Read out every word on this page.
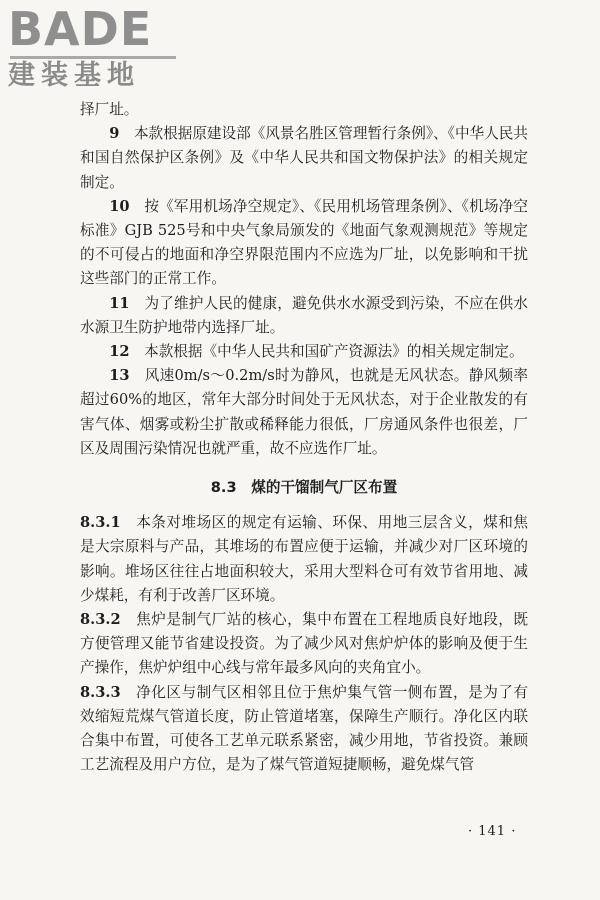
BADE
建装基地

择厂址。

9　 本款根据原建设部《风景名胜区管理暂行条例》、《中华人民共和国自然保护区条例》及《中华人民共和国文物保护法》的相关规定制定。

10　 按《军用机场净空规定》、《民用机场管理条例》、《机场净空标准》GJB 525号和中央气象局颁发的《地面气象观测规范》等规定的不可侵占的地面和净空界限范围内不应选为厂址，以免影响和干扰这些部门的正常工作。

11　 为了维护人民的健康，避免供水水源受到污染，不应在供水水源卫生防护地带内选择厂址。

12　 本款根据《中华人民共和国矿产资源法》的相关规定制定。

13　 风速0m/s～0.2m/s时为静风，也就是无风状态。静风频率超过60%的地区，常年大部分时间处于无风状态，对于企业散发的有害气体、烟雾或粉尘扩散或稀释能力很低，厂房通风条件也很差，厂区及周围污染情况也就严重，故不应选作厂址。

8.3　 煤的干馏制气厂区布置

8.3.1　 本条对堆场区的规定有运输、环保、用地三层含义，煤和焦是大宗原料与产品，其堆场的布置应便于运输，并减少对厂区环境的影响。堆场区往往占地面积较大，采用大型料仓可有效节省用地、减少煤耗，有利于改善厂区环境。

8.3.2　 焦炉是制气厂站的核心，集中布置在工程地质良好地段，既方便管理又能节省建设投资。为了减少风对焦炉炉体的影响及便于生产操作，焦炉炉组中心线与常年最多风向的夹角宜小。

8.3.3　 净化区与制气区相邻且位于焦炉集气管一侧布置，是为了有效缩短荒煤气管道长度，防止管道堵塞，保障生产顺行。净化区内联合集中布置，可使各工艺单元联系紧密，减少用地，节省投资。兼顾工艺流程及用户方位，是为了煤气管道短捷顺畅，避免煤气管

· 141 ·
